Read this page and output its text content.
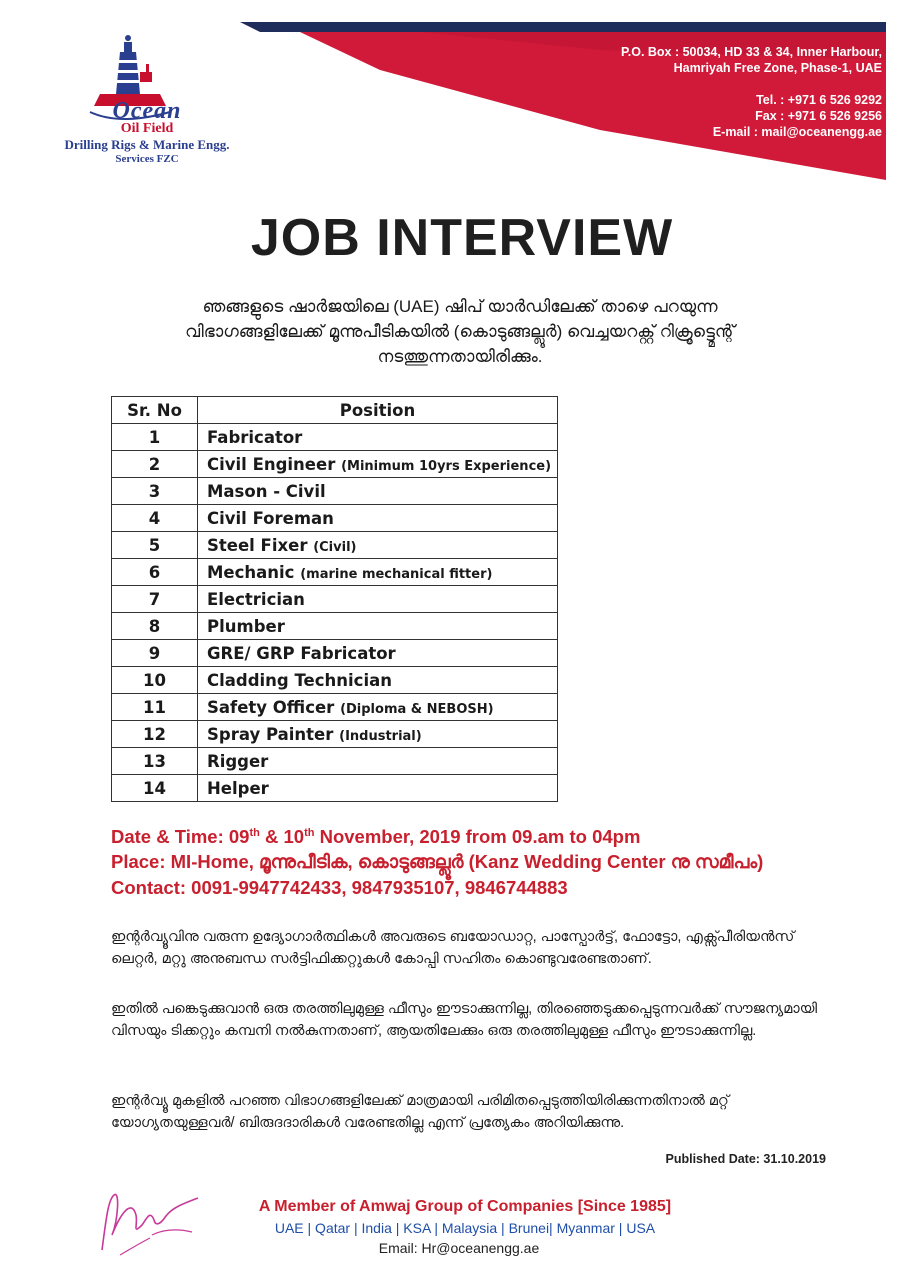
P.O. Box : 50034, HD 33 & 34, Inner Harbour,
Hamriyah Free Zone, Phase-1, UAE
Tel. : +971 6 526 9292
Fax : +971 6 526 9256
E-mail : mail@oceanengg.ae
Ocean
Oil Field
Drilling Rigs & Marine Engg.
Services FZC
JOB INTERVIEW
ഞങ്ങളുടെ ഷാർജയിലെ (UAE) ഷിപ് യാർഡിലേക്ക് താഴെ പറയുന്ന വിഭാഗങ്ങളിലേക്ക് മൂന്നുപീടികയിൽ (കൊടുങ്ങല്ലൂർ) വെച്ചയറക്റ്റ് റിക്രൂട്ട്മെന്റ് നടത്തുന്നതായിരിക്കും.
Sr. No	Position
1	Fabricator
2	Civil Engineer (Minimum 10yrs Experience)
3	Mason - Civil
4	Civil Foreman
5	Steel Fixer (Civil)
6	Mechanic (marine mechanical fitter)
7	Electrician
8	Plumber
9	GRE/ GRP Fabricator
10	Cladding Technician
11	Safety Officer (Diploma & NEBOSH)
12	Spray Painter (Industrial)
13	Rigger
14	Helper
Date & Time: 09th & 10th November, 2019 from 09.am to 04pm
Place: MI-Home, മൂന്നുപീടിക, കൊടുങ്ങല്ലൂർ (Kanz Wedding Center നു സമീപം)
Contact: 0091-9947742433, 9847935107, 9846744883
ഇന്റർവ്യൂവിനു വരുന്ന ഉദ്യോഗാർത്ഥികൾ അവരുടെ ബയോഡാറ്റ, പാസ്പോർട്ട്, ഫോട്ടോ, എക്സ്പീരിയൻസ് ലെറ്റർ, മറ്റു അനുബന്ധ സർട്ടിഫിക്കറ്റുകൾ കോപ്പി സഹിതം കൊണ്ടുവരേണ്ടതാണ്.
ഇതിൽ പങ്കെടുക്കുവാൻ ഒരു തരത്തിലുമുള്ള ഫീസും ഈടാക്കുന്നില്ല, തിരഞ്ഞെടുക്കപ്പെടുന്നവർക്ക് സൗജന്യമായി വിസയും ടിക്കറ്റും കമ്പനി നൽകുന്നതാണ്, ആയതിലേക്കും ഒരു തരത്തിലുമുള്ള ഫീസും ഈടാക്കുന്നില്ല.
ഇന്റർവ്യൂ മുകളിൽ പറഞ്ഞ വിഭാഗങ്ങളിലേക്ക് മാത്രമായി പരിമിതപ്പെടുത്തിയിരിക്കുന്നതിനാൽ മറ്റ് യോഗ്യതയുള്ളവർ/ ബിരുദദാരികൾ വരേണ്ടതില്ല എന്ന് പ്രത്യേകം അറിയിക്കുന്നു.
Published Date: 31.10.2019
A Member of Amwaj Group of Companies [Since 1985]
UAE | Qatar | India | KSA | Malaysia | Brunei| Myanmar | USA
Email: Hr@oceanengg.ae
